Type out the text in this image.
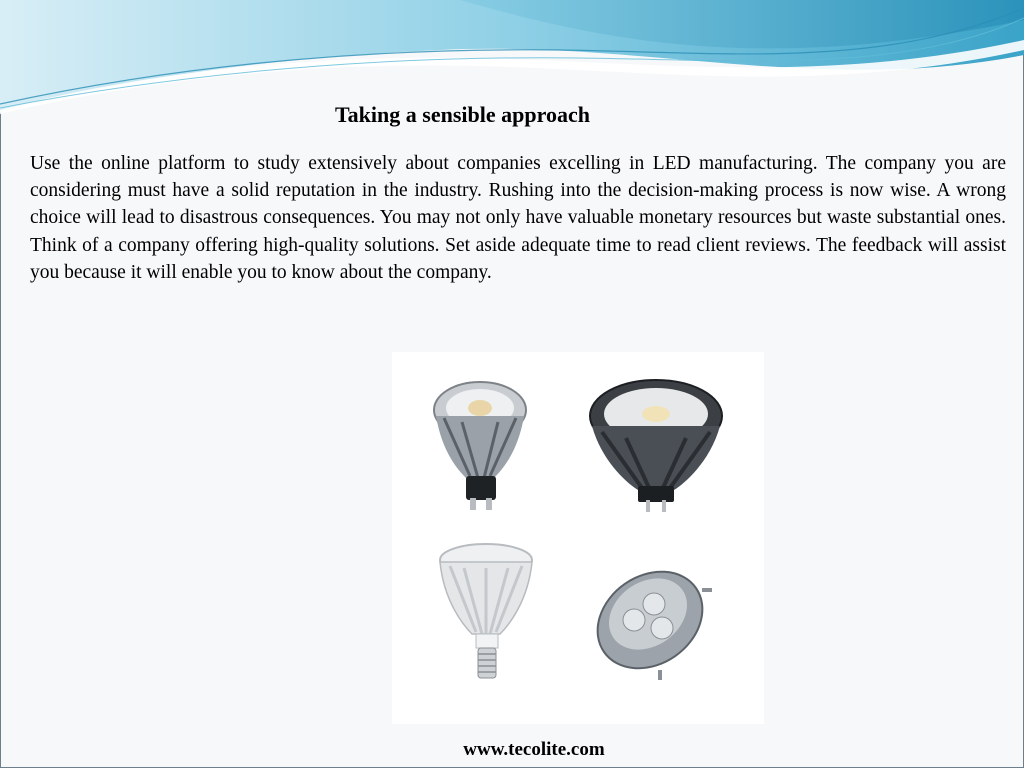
Taking a sensible approach
Use the online platform to study extensively about companies excelling in LED manufacturing. The company you are considering must have a solid reputation in the industry. Rushing into the decision-making process is now wise. A wrong choice will lead to disastrous consequences. You may not only have valuable monetary resources but waste substantial ones. Think of a company offering high-quality solutions. Set aside adequate time to read client reviews. The feedback will assist you because it will enable you to know about the company.
www.tecolite.com
